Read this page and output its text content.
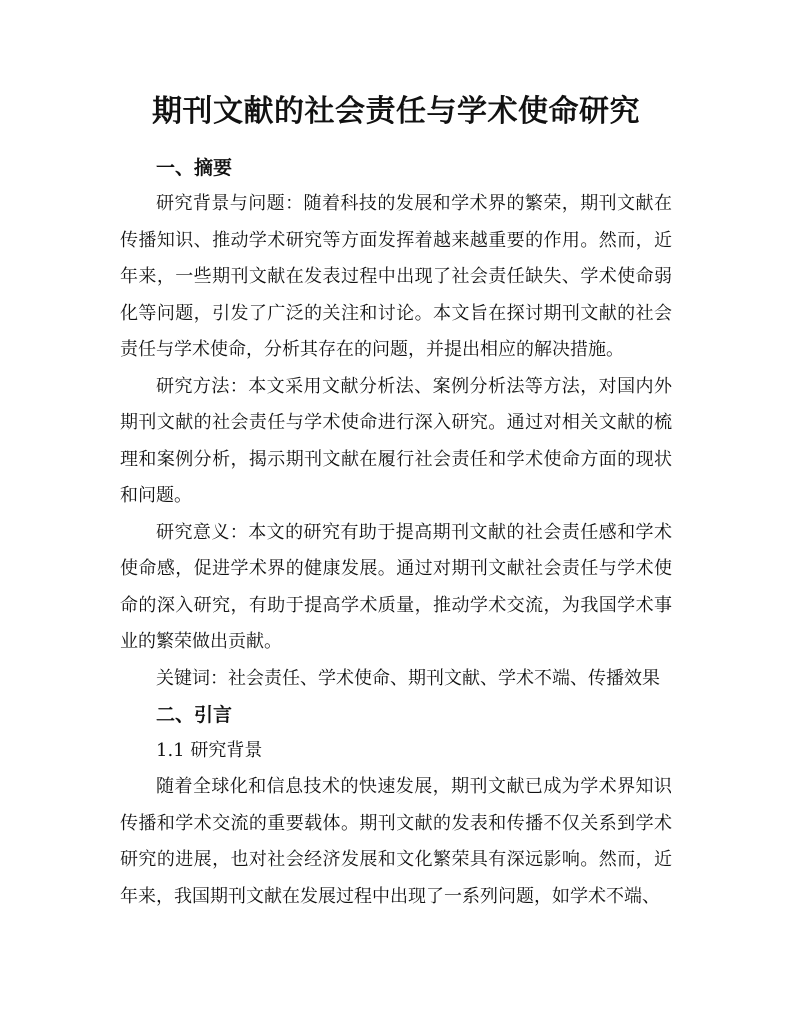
期刊文献的社会责任与学术使命研究
一、摘要

研究背景与问题：随着科技的发展和学术界的繁荣，期刊文献在传播知识、推动学术研究等方面发挥着越来越重要的作用。然而，近年来，一些期刊文献在发表过程中出现了社会责任缺失、学术使命弱化等问题，引发了广泛的关注和讨论。本文旨在探讨期刊文献的社会责任与学术使命，分析其存在的问题，并提出相应的解决措施。

研究方法：本文采用文献分析法、案例分析法等方法，对国内外期刊文献的社会责任与学术使命进行深入研究。通过对相关文献的梳理和案例分析，揭示期刊文献在履行社会责任和学术使命方面的现状和问题。

研究意义：本文的研究有助于提高期刊文献的社会责任感和学术使命感，促进学术界的健康发展。通过对期刊文献社会责任与学术使命的深入研究，有助于提高学术质量，推动学术交流，为我国学术事业的繁荣做出贡献。

关键词：社会责任、学术使命、期刊文献、学术不端、传播效果

二、引言
1.1 研究背景

随着全球化和信息技术的快速发展，期刊文献已成为学术界知识传播和学术交流的重要载体。期刊文献的发表和传播不仅关系到学术研究的进展，也对社会经济发展和文化繁荣具有深远影响。然而，近年来，我国期刊文献在发展过程中出现了一系列问题，如学术不端、
